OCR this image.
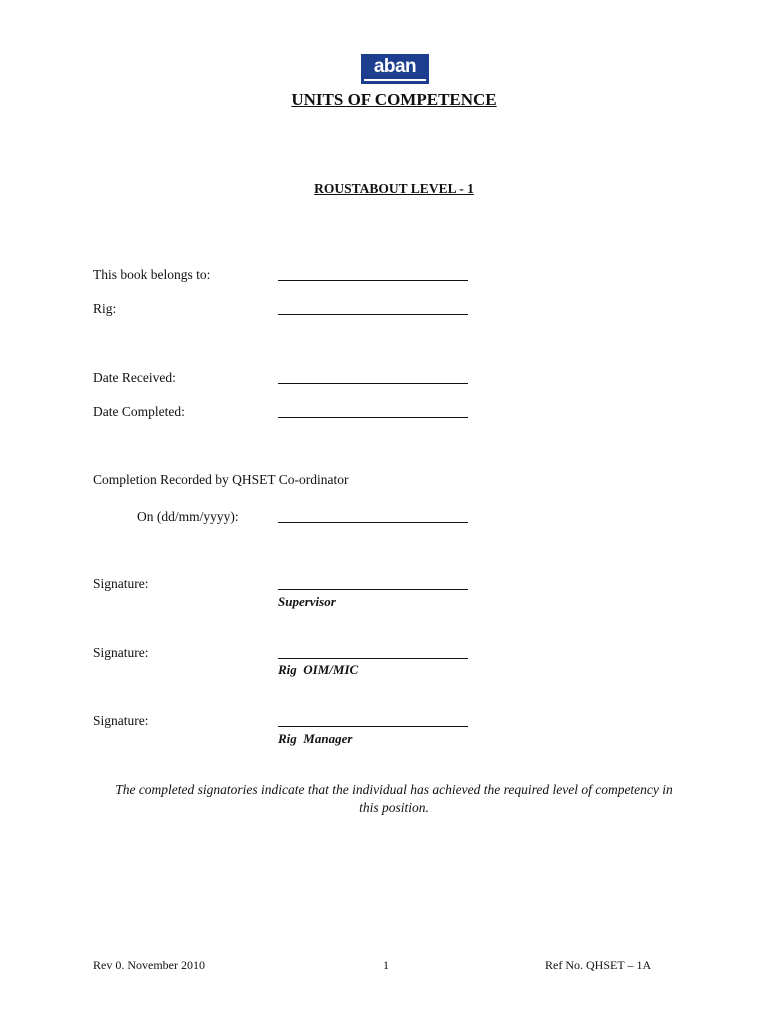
aban
UNITS OF COMPETENCE
ROUSTABOUT LEVEL - 1
This book belongs to:
Rig:
Date Received:
Date Completed:
Completion Recorded by QHSET Co-ordinator
On (dd/mm/yyyy):
Signature:
Supervisor
Signature:
Rig  OIM/MIC
Signature:
Rig  Manager
The completed signatories indicate that the individual has achieved the required level of competency in this position.
Rev 0. November 2010	1	Ref No. QHSET – 1A
